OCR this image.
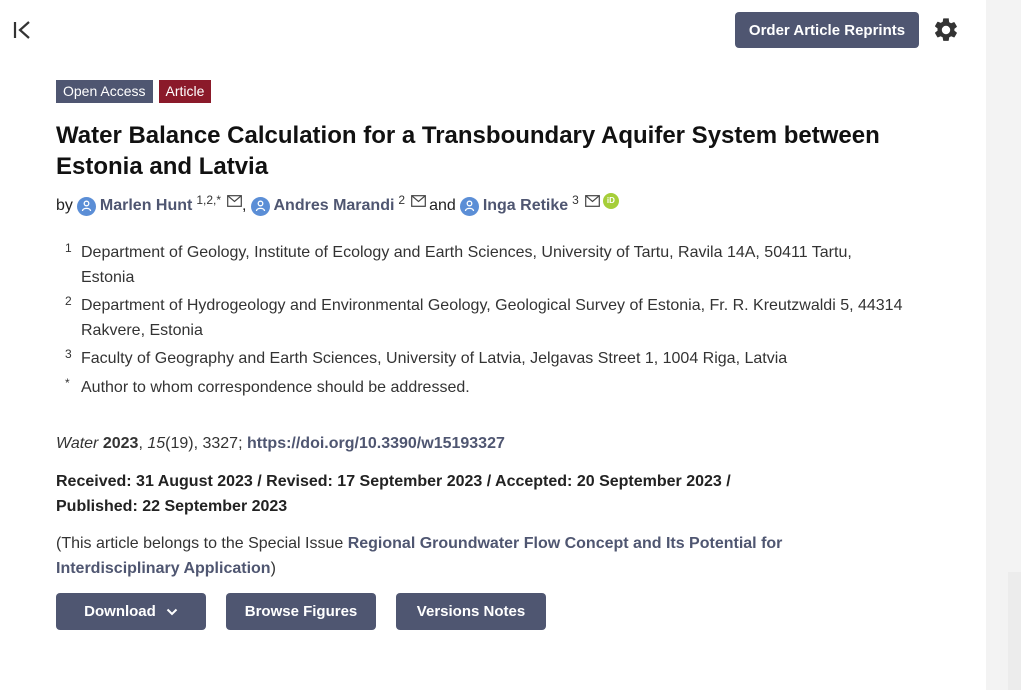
Order Article Reprints
Open Access	Article
Water Balance Calculation for a Transboundary Aquifer System between Estonia and Latvia
by Marlen Hunt 1,2,* , Andres Marandi 2 and Inga Retike 3	iD
1 Department of Geology, Institute of Ecology and Earth Sciences, University of Tartu, Ravila 14A, 50411 Tartu, Estonia
2 Department of Hydrogeology and Environmental Geology, Geological Survey of Estonia, Fr. R. Kreutzwaldi 5, 44314 Rakvere, Estonia
3 Faculty of Geography and Earth Sciences, University of Latvia, Jelgavas Street 1, 1004 Riga, Latvia
* Author to whom correspondence should be addressed.
Water 2023, 15(19), 3327; https://doi.org/10.3390/w15193327
Received: 31 August 2023 / Revised: 17 September 2023 / Accepted: 20 September 2023 /
Published: 22 September 2023
(This article belongs to the Special Issue Regional Groundwater Flow Concept and Its Potential for Interdisciplinary Application)
Download	Browse Figures	Versions Notes
